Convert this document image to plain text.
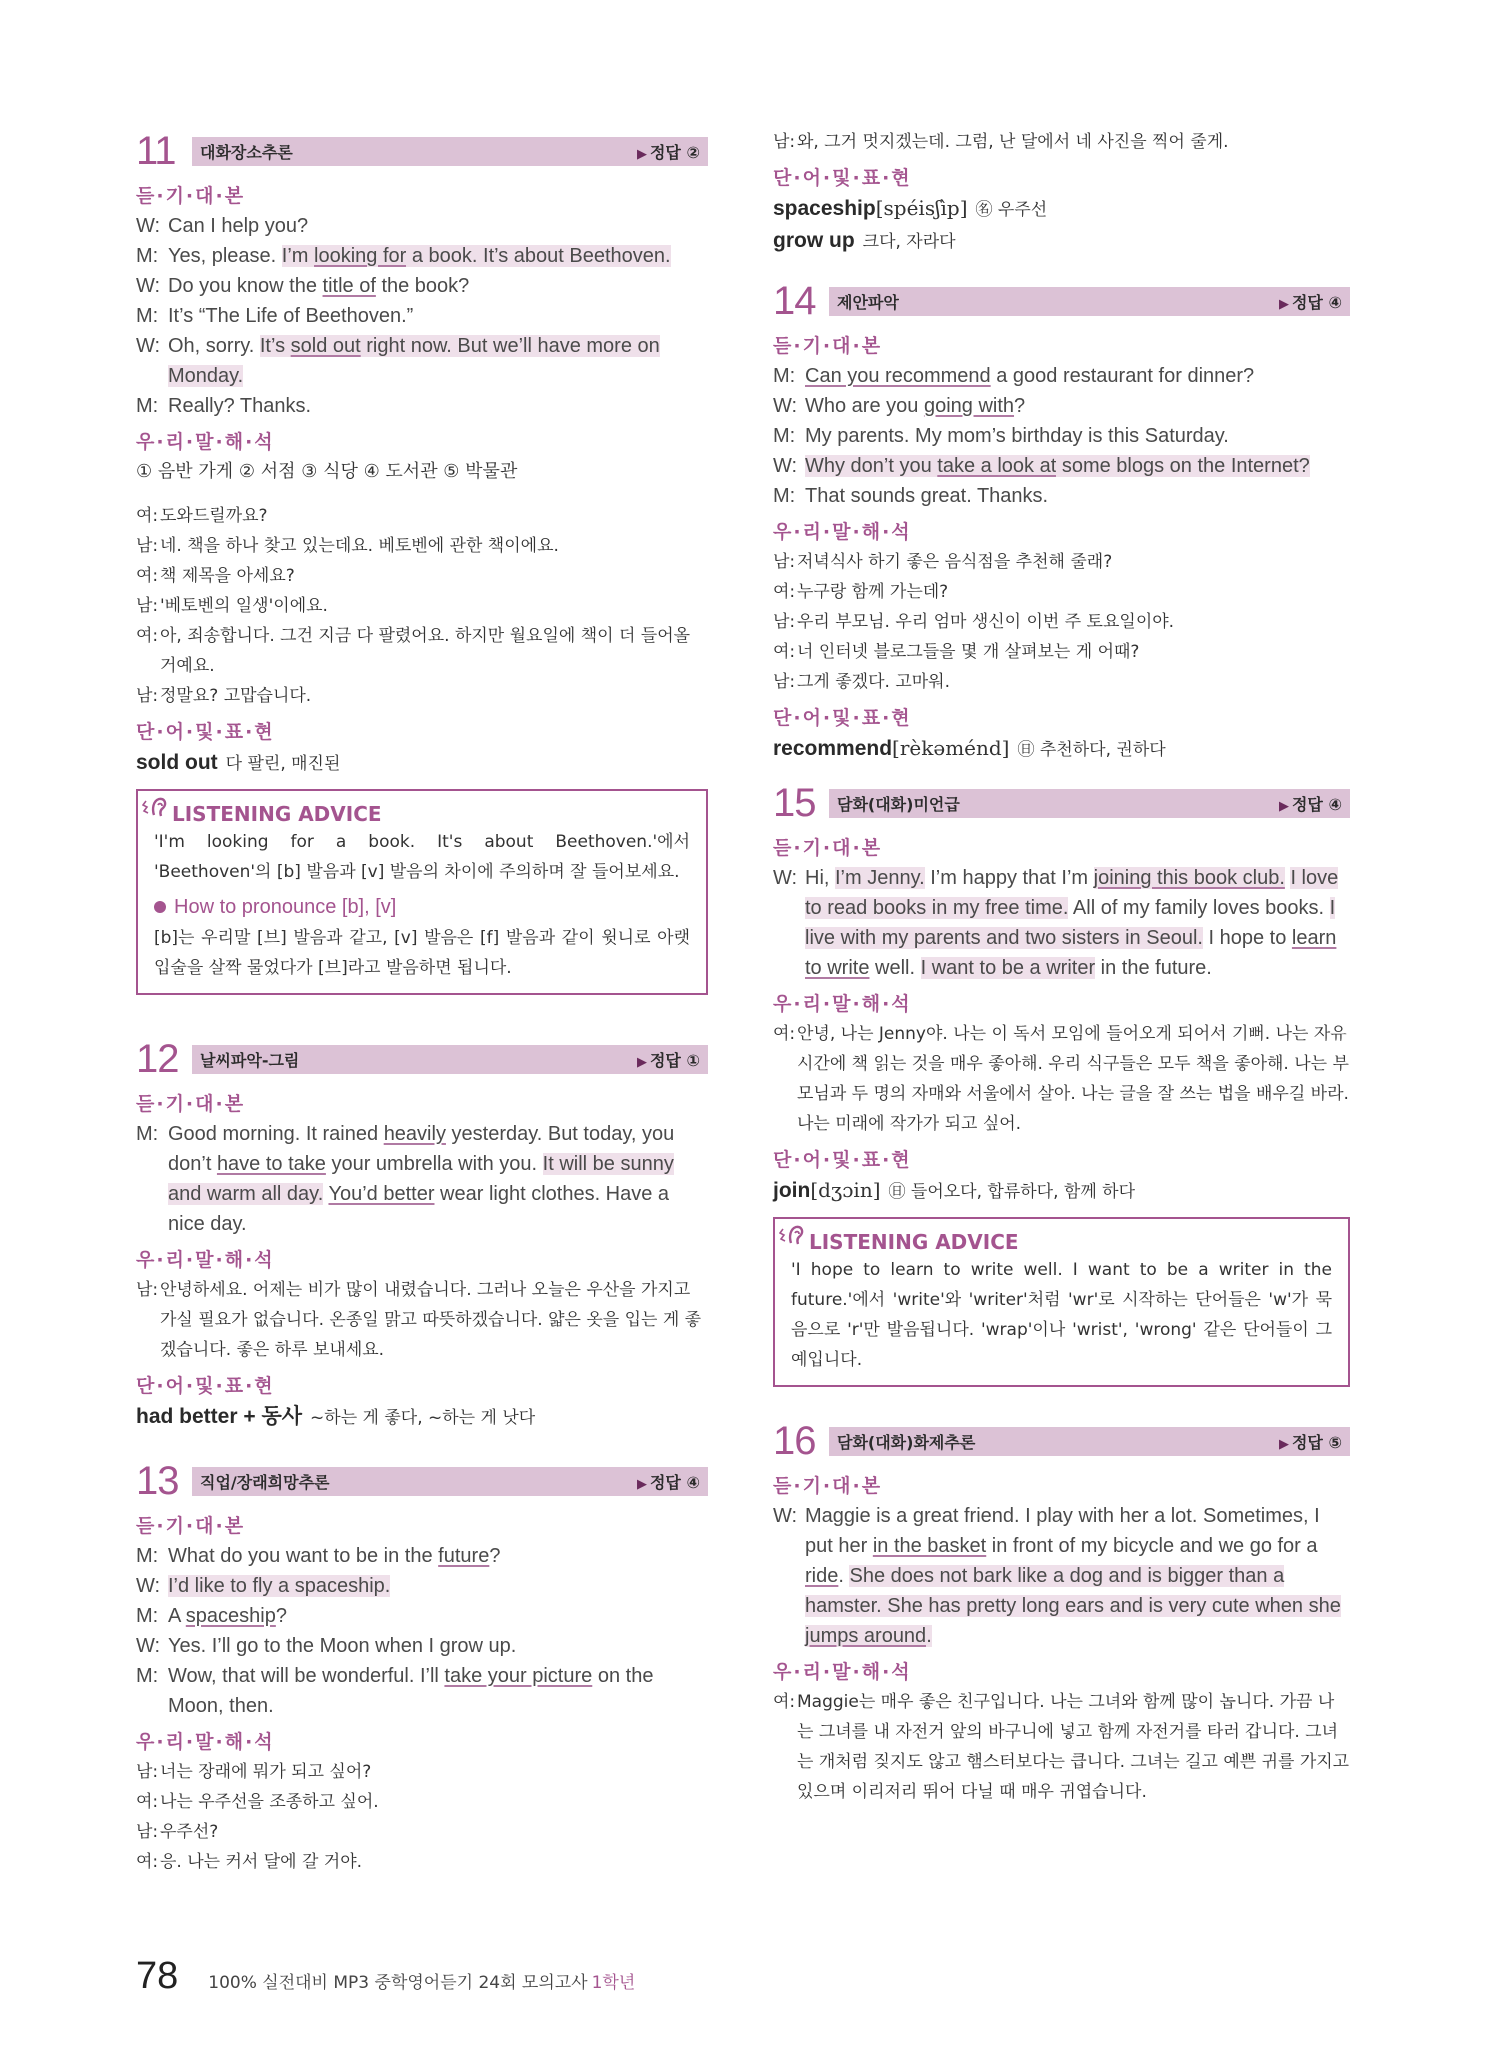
11	대화장소추론	▶ 정답 ②
듣·기·대·본
W: Can I help you?
M: Yes, please. I’m looking for a book. It’s about Beethoven.
W: Do you know the title of the book?
M: It’s “The Life of Beethoven.”
W: Oh, sorry. It’s sold out right now. But we’ll have more on Monday.
M: Really? Thanks.
우·리·말·해·석
① 음반 가게 ② 서점 ③ 식당 ④ 도서관 ⑤ 박물관
여: 도와드릴까요?
남: 네. 책을 하나 찾고 있는데요. 베토벤에 관한 책이에요.
여: 책 제목을 아세요?
남: '베토벤의 일생'이에요.
여: 아, 죄송합니다. 그건 지금 다 팔렸어요. 하지만 월요일에 책이 더 들어올 거예요.
남: 정말요? 고맙습니다.
단·어·및·표·현
sold out 다 팔린, 매진된
LISTENING ADVICE
'I'm looking for a book. It's about Beethoven.'에서 'Beethoven'의 [b] 발음과 [v] 발음의 차이에 주의하며 잘 들어보세요.
How to pronounce [b], [v]
[b]는 우리말 [브] 발음과 같고, [v] 발음은 [f] 발음과 같이 윗니로 아랫입술을 살짝 물었다가 [브]라고 발음하면 됩니다.
12	날씨파악-그림	▶ 정답 ①
듣·기·대·본
M: Good morning. It rained heavily yesterday. But today, you don’t have to take your umbrella with you. It will be sunny and warm all day. You’d better wear light clothes. Have a nice day.
우·리·말·해·석
남: 안녕하세요. 어제는 비가 많이 내렸습니다. 그러나 오늘은 우산을 가지고 가실 필요가 없습니다. 온종일 맑고 따뜻하겠습니다. 얇은 옷을 입는 게 좋겠습니다. 좋은 하루 보내세요.
단·어·및·표·현
had better + 동사 ~하는 게 좋다, ~하는 게 낫다
13	직업/장래희망추론	▶ 정답 ④
듣·기·대·본
M: What do you want to be in the future?
W: I’d like to fly a spaceship.
M: A spaceship?
W: Yes. I’ll go to the Moon when I grow up.
M: Wow, that will be wonderful. I’ll take your picture on the Moon, then.
우·리·말·해·석
남: 너는 장래에 뭐가 되고 싶어?
여: 나는 우주선을 조종하고 싶어.
남: 우주선?
여: 응. 나는 커서 달에 갈 거야.
남: 와, 그거 멋지겠는데. 그럼, 난 달에서 네 사진을 찍어 줄게.
단·어·및·표·현
spaceship[spéisʃìp] ㊔ 우주선
grow up 크다, 자라다
14	제안파악	▶ 정답 ④
듣·기·대·본
M: Can you recommend a good restaurant for dinner?
W: Who are you going with?
M: My parents. My mom’s birthday is this Saturday.
W: Why don’t you take a look at some blogs on the Internet?
M: That sounds great. Thanks.
우·리·말·해·석
남: 저녁식사 하기 좋은 음식점을 추천해 줄래?
여: 누구랑 함께 가는데?
남: 우리 부모님. 우리 엄마 생신이 이번 주 토요일이야.
여: 너 인터넷 블로그들을 몇 개 살펴보는 게 어때?
남: 그게 좋겠다. 고마워.
단·어·및·표·현
recommend[rèkəménd] ㊐ 추천하다, 권하다
15	담화(대화)미언급	▶ 정답 ④
듣·기·대·본
W: Hi, I’m Jenny. I’m happy that I’m joining this book club. I love to read books in my free time. All of my family loves books. I live with my parents and two sisters in Seoul. I hope to learn to write well. I want to be a writer in the future.
우·리·말·해·석
여: 안녕, 나는 Jenny야. 나는 이 독서 모임에 들어오게 되어서 기뻐. 나는 자유 시간에 책 읽는 것을 매우 좋아해. 우리 식구들은 모두 책을 좋아해. 나는 부모님과 두 명의 자매와 서울에서 살아. 나는 글을 잘 쓰는 법을 배우길 바라. 나는 미래에 작가가 되고 싶어.
단·어·및·표·현
join[dʒɔin] ㊐ 들어오다, 합류하다, 함께 하다
LISTENING ADVICE
'I hope to learn to write well. I want to be a writer in the future.'에서 'write'와 'writer'처럼 'wr'로 시작하는 단어들은 'w'가 묵음으로 'r'만 발음됩니다. 'wrap'이나 'wrist', 'wrong' 같은 단어들이 그 예입니다.
16	담화(대화)화제추론	▶ 정답 ⑤
듣·기·대·본
W: Maggie is a great friend. I play with her a lot. Sometimes, I put her in the basket in front of my bicycle and we go for a ride. She does not bark like a dog and is bigger than a hamster. She has pretty long ears and is very cute when she jumps around.
우·리·말·해·석
여: Maggie는 매우 좋은 친구입니다. 나는 그녀와 함께 많이 놉니다. 가끔 나는 그녀를 내 자전거 앞의 바구니에 넣고 함께 자전거를 타러 갑니다. 그녀는 개처럼 짖지도 않고 햄스터보다는 큽니다. 그녀는 길고 예쁜 귀를 가지고 있으며 이리저리 뛰어 다닐 때 매우 귀엽습니다.
78 100% 실전대비 MP3 중학영어듣기 24회 모의고사 1학년
